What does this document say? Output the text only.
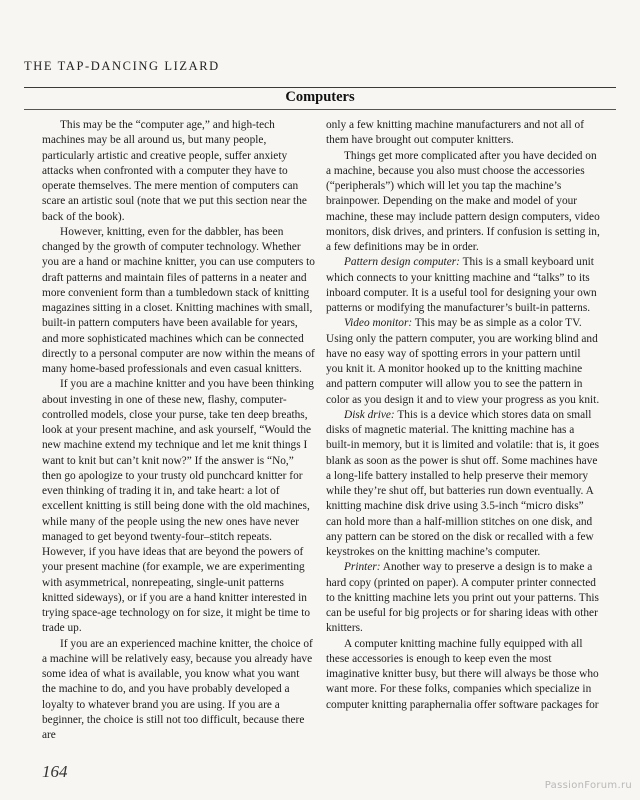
THE TAP-DANCING LIZARD
Computers

This may be the “computer age,” and high-tech machines may be all around us, but many people, particularly artistic and creative people, suffer anxiety attacks when confronted with a computer they have to operate themselves. The mere mention of computers can scare an artistic soul (note that we put this section near the back of the book).

However, knitting, even for the dabbler, has been changed by the growth of computer technology. Whether you are a hand or machine knitter, you can use computers to draft patterns and maintain files of patterns in a neater and more convenient form than a tumbledown stack of knitting magazines sitting in a closet. Knitting machines with small, built-in pattern computers have been available for years, and more sophisticated machines which can be connected directly to a personal computer are now within the means of many home-based professionals and even casual knitters.

If you are a machine knitter and you have been thinking about investing in one of these new, flashy, computer-controlled models, close your purse, take ten deep breaths, look at your present machine, and ask yourself, “Would the new machine extend my technique and let me knit things I want to knit but can’t knit now?” If the answer is “No,” then go apologize to your trusty old punchcard knitter for even thinking of trading it in, and take heart: a lot of excellent knitting is still being done with the old machines, while many of the people using the new ones have never managed to get beyond twenty-four–stitch repeats. However, if you have ideas that are beyond the powers of your present machine (for example, we are experimenting with asymmetrical, nonrepeating, single-unit patterns knitted sideways), or if you are a hand knitter interested in trying space-age technology on for size, it might be time to trade up.

If you are an experienced machine knitter, the choice of a machine will be relatively easy, because you already have some idea of what is available, you know what you want the machine to do, and you have probably developed a loyalty to whatever brand you are using. If you are a beginner, the choice is still not too difficult, because there are

only a few knitting machine manufacturers and not all of them have brought out computer knitters.

Things get more complicated after you have decided on a machine, because you also must choose the accessories (“peripherals”) which will let you tap the machine’s brainpower. Depending on the make and model of your machine, these may include pattern design computers, video monitors, disk drives, and printers. If confusion is setting in, a few definitions may be in order.

Pattern design computer: This is a small keyboard unit which connects to your knitting machine and “talks” to its inboard computer. It is a useful tool for designing your own patterns or modifying the manufacturer’s built-in patterns.

Video monitor: This may be as simple as a color TV. Using only the pattern computer, you are working blind and have no easy way of spotting errors in your pattern until you knit it. A monitor hooked up to the knitting machine and pattern computer will allow you to see the pattern in color as you design it and to view your progress as you knit.

Disk drive: This is a device which stores data on small disks of magnetic material. The knitting machine has a built-in memory, but it is limited and volatile: that is, it goes blank as soon as the power is shut off. Some machines have a long-life battery installed to help preserve their memory while they’re shut off, but batteries run down eventually. A knitting machine disk drive using 3.5-inch “micro disks” can hold more than a half-million stitches on one disk, and any pattern can be stored on the disk or recalled with a few keystrokes on the knitting machine’s computer.

Printer: Another way to preserve a design is to make a hard copy (printed on paper). A computer printer connected to the knitting machine lets you print out your patterns. This can be useful for big projects or for sharing ideas with other knitters.

A computer knitting machine fully equipped with all these accessories is enough to keep even the most imaginative knitter busy, but there will always be those who want more. For these folks, companies which specialize in computer knitting paraphernalia offer software packages for

164
PassionForum.ru
